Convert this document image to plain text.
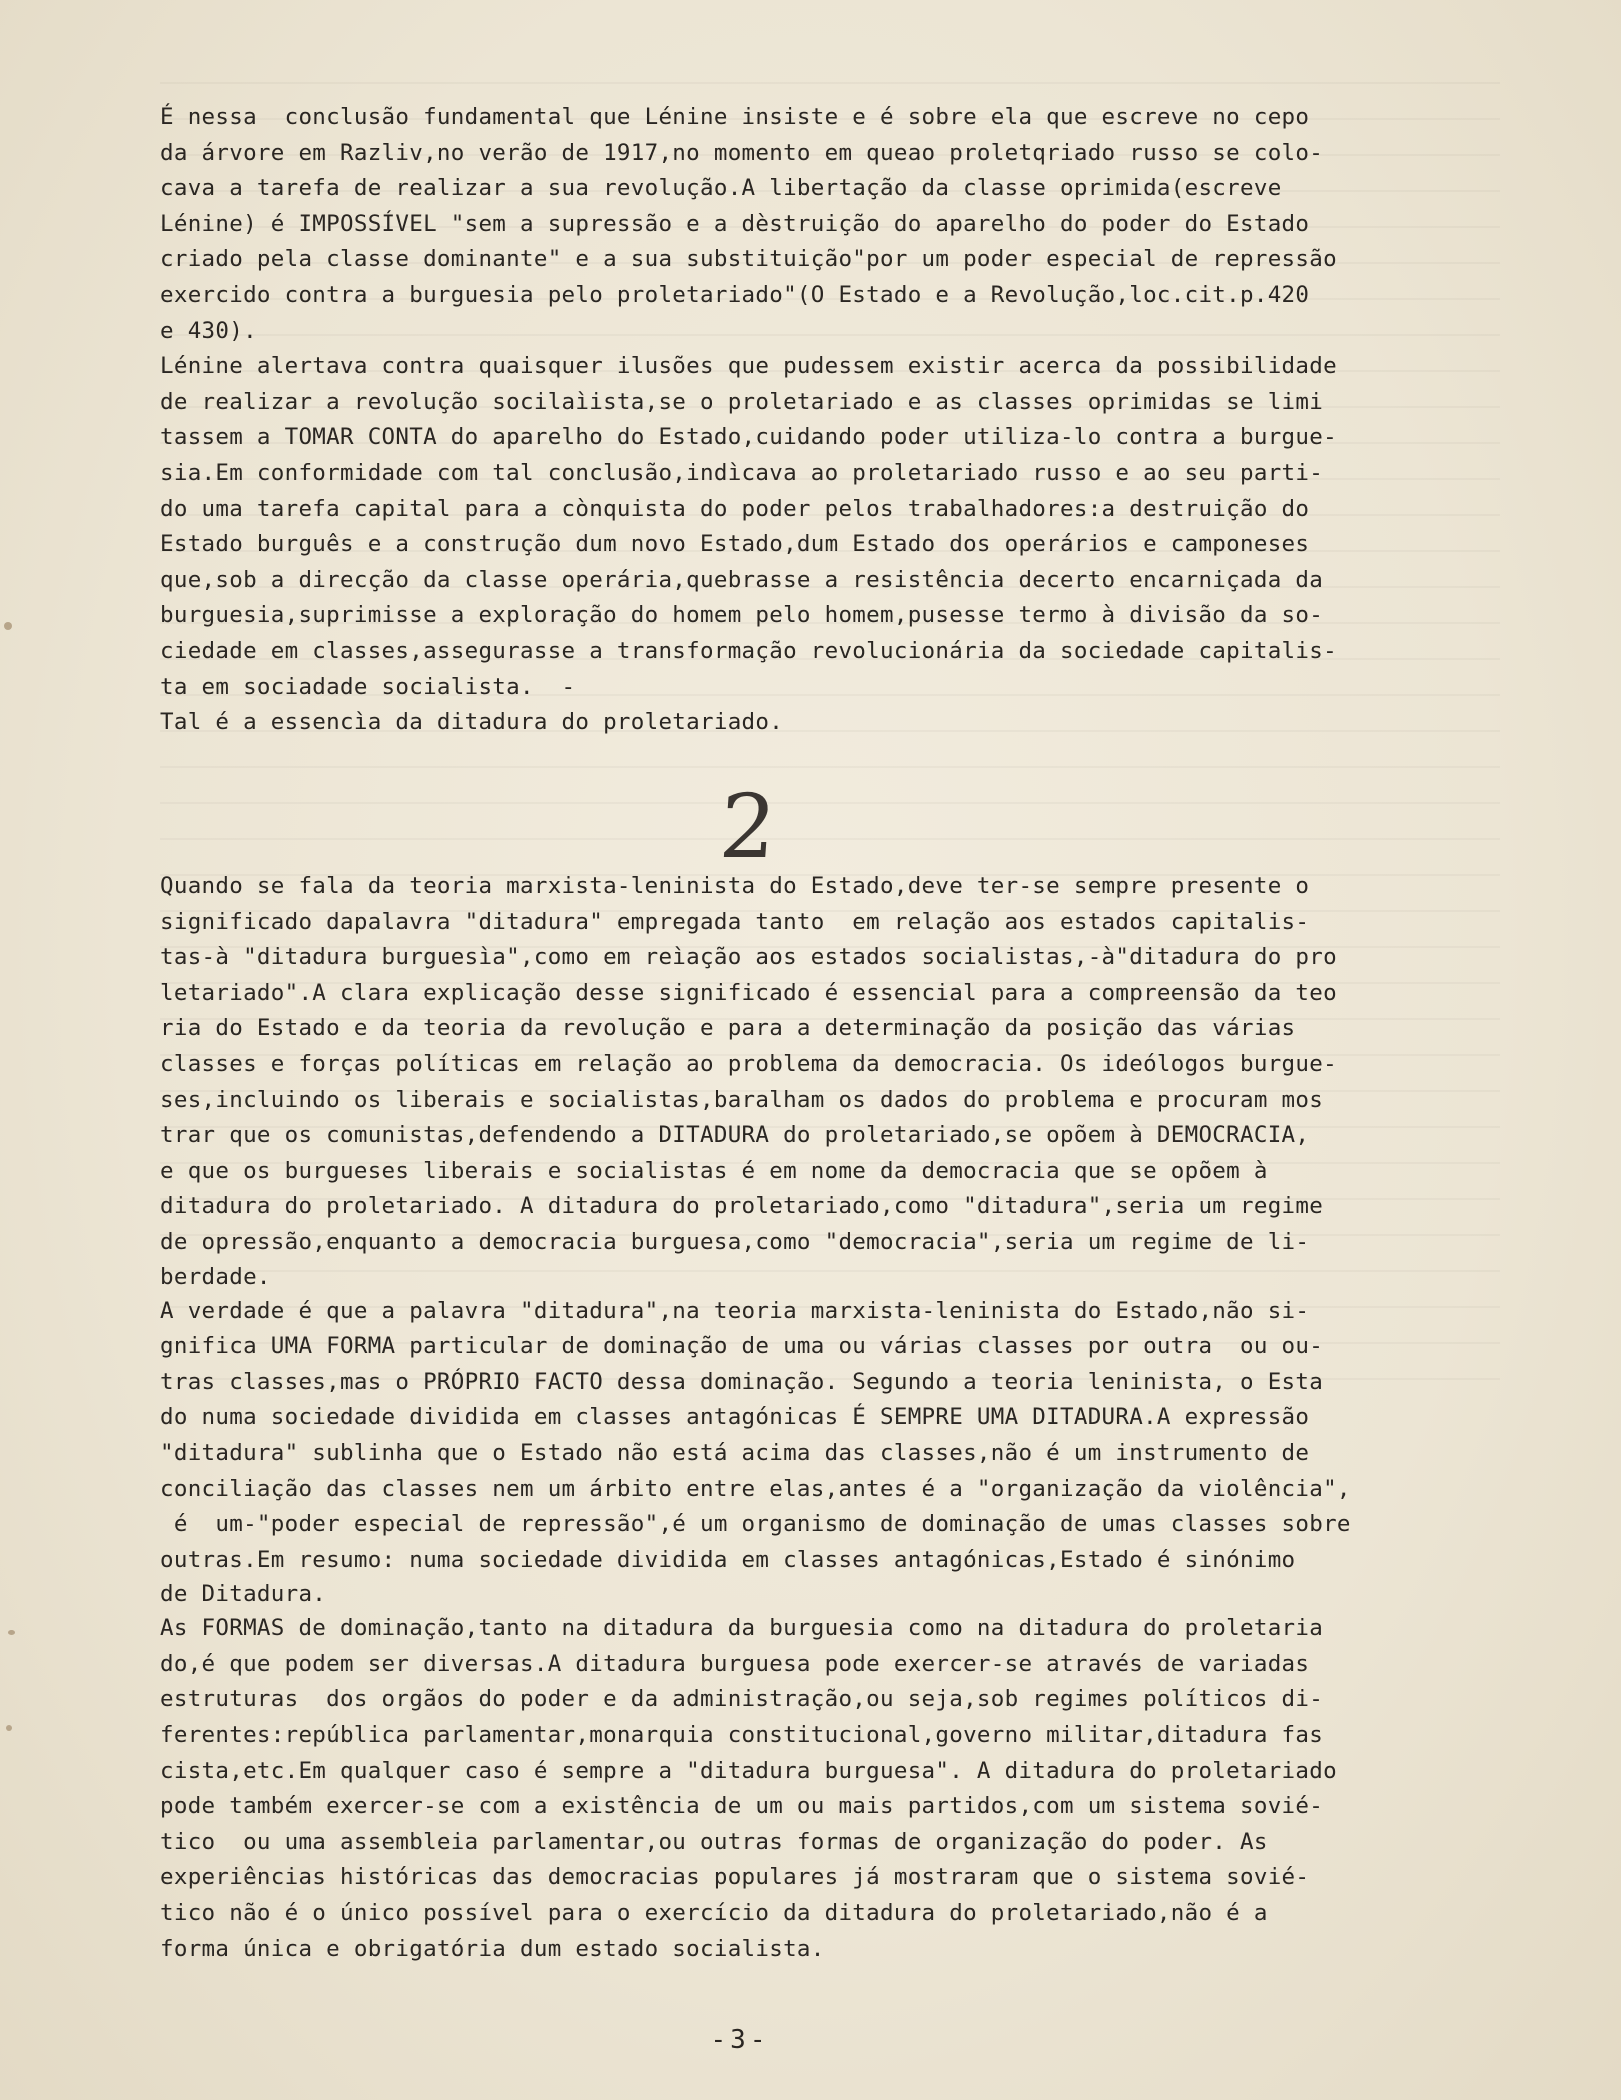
É nessa  conclusão fundamental que Lénine insiste e é sobre ela que escreve no cepo
da árvore em Razliv,no verão de 1917,no momento em queao proletqriado russo se colo-
cava a tarefa de realizar a sua revolução.A libertação da classe oprimida(escreve
Lénine) é IMPOSSÍVEL "sem a supressão e a dèstruição do aparelho do poder do Estado
criado pela classe dominante" e a sua substituição"por um poder especial de repressão
exercido contra a burguesia pelo proletariado"(O Estado e a Revolução,loc.cit.p.420
e 430).
Lénine alertava contra quaisquer ilusões que pudessem existir acerca da possibilidade
de realizar a revolução socilaìista,se o proletariado e as classes oprimidas se limi
tassem a TOMAR CONTA do aparelho do Estado,cuidando poder utiliza-lo contra a burgue-
sia.Em conformidade com tal conclusão,indìcava ao proletariado russo e ao seu parti-
do uma tarefa capital para a cònquista do poder pelos trabalhadores:a destruição do
Estado burguês e a construção dum novo Estado,dum Estado dos operários e camponeses
que,sob a direcção da classe operária,quebrasse a resistência decerto encarniçada da
burguesia,suprimisse a exploração do homem pelo homem,pusesse termo à divisão da so-
ciedade em classes,assegurasse a transformação revolucionária da sociedade capitalis-
ta em sociadade socialista.  -
Tal é a essencìa da ditadura do proletariado.
2
Quando se fala da teoria marxista-leninista do Estado,deve ter-se sempre presente o
significado dapalavra "ditadura" empregada tanto  em relação aos estados capitalis-
tas-à "ditadura burguesìa",como em reìação aos estados socialistas,-à"ditadura do pro
letariado".A clara explicação desse significado é essencial para a compreensão da teo
ria do Estado e da teoria da revolução e para a determinação da posição das várias
classes e forças políticas em relação ao problema da democracia. Os ideólogos burgue-
ses,incluindo os liberais e socialistas,baralham os dados do problema e procuram mos
trar que os comunistas,defendendo a DITADURA do proletariado,se opõem à DEMOCRACIA,
e que os burgueses liberais e socialistas é em nome da democracia que se opõem à
ditadura do proletariado. A ditadura do proletariado,como "ditadura",seria um regime
de opressão,enquanto a democracia burguesa,como "democracia",seria um regime de li-
berdade.
A verdade é que a palavra "ditadura",na teoria marxista-leninista do Estado,não si-
gnifica UMA FORMA particular de dominação de uma ou várias classes por outra  ou ou-
tras classes,mas o PRÓPRIO FACTO dessa dominação. Segundo a teoria leninista, o Esta
do numa sociedade dividida em classes antagónicas É SEMPRE UMA DITADURA.A expressão
"ditadura" sublinha que o Estado não está acima das classes,não é um instrumento de
conciliação das classes nem um árbito entre elas,antes é a "organização da violência",
é  um-"poder especial de repressão",é um organismo de dominação de umas classes sobre
outras.Em resumo: numa sociedade dividida em classes antagónicas,Estado é sinónimo
de Ditadura.
As FORMAS de dominação,tanto na ditadura da burguesia como na ditadura do proletaria
do,é que podem ser diversas.A ditadura burguesa pode exercer-se através de variadas
estruturas  dos orgãos do poder e da administração,ou seja,sob regimes políticos di-
ferentes:república parlamentar,monarquia constitucional,governo militar,ditadura fas
cista,etc.Em qualquer caso é sempre a "ditadura burguesa". A ditadura do proletariado
pode também exercer-se com a existência de um ou mais partidos,com um sistema sovié-
tico  ou uma assembleia parlamentar,ou outras formas de organização do poder. As
experiências históricas das democracias populares já mostraram que o sistema sovié-
tico não é o único possível para o exercício da ditadura do proletariado,não é a
forma única e obrigatória dum estado socialista.
-3-
